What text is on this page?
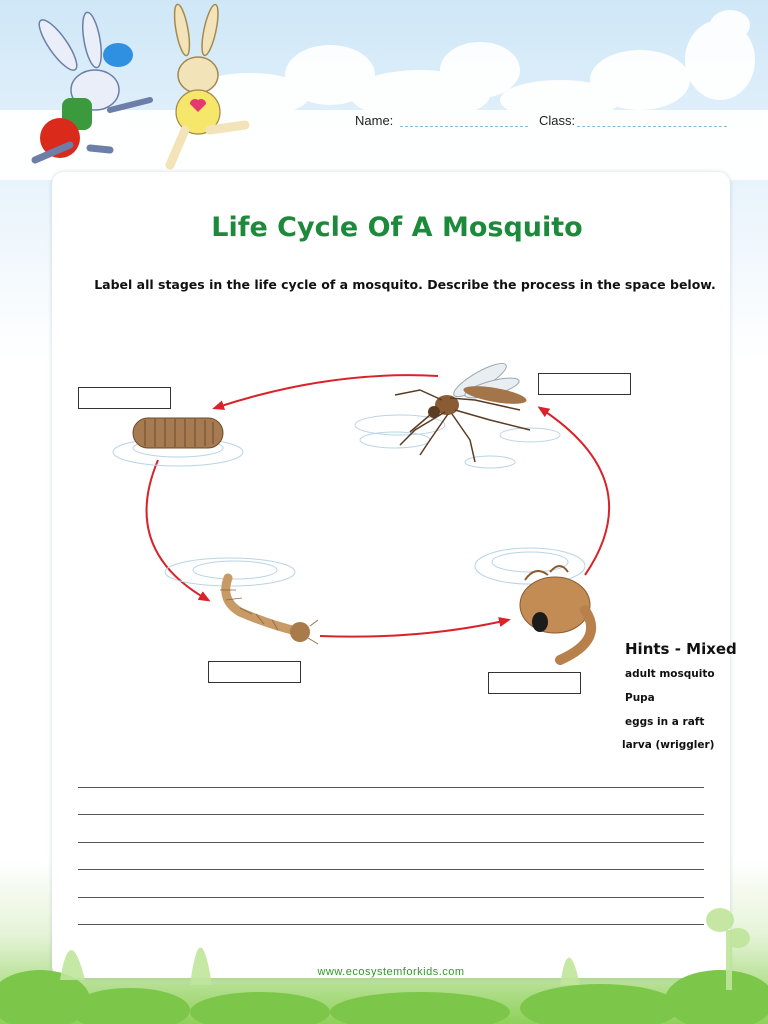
Name:	Class:
Life Cycle Of A Mosquito
Label all stages in the life cycle of a mosquito. Describe the process in the space below.
Hints - Mixed
adult mosquito
Pupa
eggs in a raft
larva (wriggler)
www.ecosystemforkids.com
